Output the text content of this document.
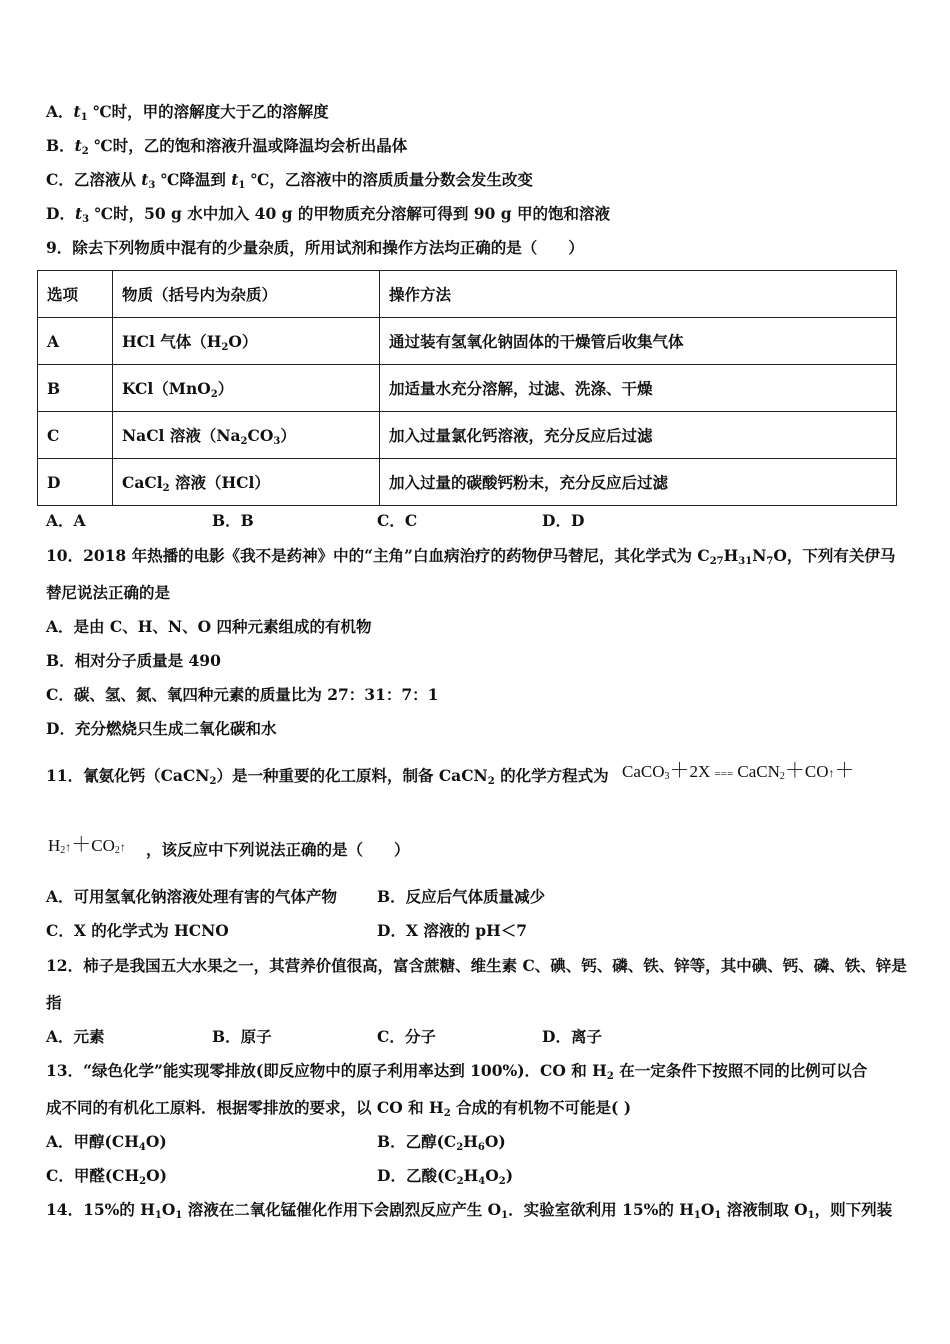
A．$t_1$ ℃时，甲的溶解度大于乙的溶解度
B．$t_2$ ℃时，乙的饱和溶液升温或降温均会析出晶体
C．乙溶液从 $t_3$ ℃降温到 $t_1$ ℃，乙溶液中的溶质质量分数会发生改变
D．$t_3$ ℃时，50 g 水中加入 40 g 的甲物质充分溶解可得到 90 g 甲的饱和溶液
9．除去下列物质中混有的少量杂质，所用试剂和操作方法均正确的是（　　）
选项	物质（括号内为杂质）	操作方法
A	HCl 气体$(H_2O)$	通过装有氢氧化钠固体的干燥管后收集气体
B	KCl（MnO$_2$）	加适量水充分溶解，过滤、洗涤、干燥
C	NaCl 溶液$(Na_2CO_3)$	加入过量氯化钙溶液，充分反应后过滤
D	CaCl$_2$ 溶液（HCl）	加入过量的碳酸钙粉末，充分反应后过滤
A．A	B．B	C．C	D．D
10．2018 年热播的电影《我不是药神》中的“主角”白血病治疗的药物伊马替尼，其化学式为 $C_{27}H_{31}N_7O$，下列有关伊马
替尼说法正确的是
A．是由 C、H、N、O 四种元素组成的有机物
B．相对分子质量是 490
C．碳、氢、氮、氧四种元素的质量比为 27：31：7：1
D．充分燃烧只生成二氧化碳和水
11．氰氨化钙（CaCN$_2$）是一种重要的化工原料，制备 CaCN$_2$ 的化学方程式为 CaCO$_3$＋2X === CaCN$_2$＋CO↑＋
$H_2↑+CO_2↑$ ，该反应中下列说法正确的是（　　）
A．可用氢氧化钠溶液处理有害的气体产物	B．反应后气体质量减少
C．X 的化学式为 HCNO	D．X 溶液的 pH＜7
12．柿子是我国五大水果之一，其营养价值很高，富含蔗糖、维生素 C、碘、钙、磷、铁、锌等，其中碘、钙、磷、铁、锌是
指
A．元素	B．原子	C．分子	D．离子
13．“绿色化学”能实现零排放(即反应物中的原子利用率达到 100%)．CO 和 $H_2$ 在一定条件下按照不同的比例可以合
成不同的有机化工原料．根据零排放的要求，以 CO 和 $H_2$ 合成的有机物不可能是( )
A．甲醇$(CH_4O)$	B．乙醇$(C_2H_6O)$
C．甲醛$(CH_2O)$	D．乙酸$(C_2H_4O_2)$
14．15%的 $H_1O_1$ 溶液在二氧化锰催化作用下会剧烈反应产生 $O_1$．实验室欲利用 15%的 $H_1O_1$ 溶液制取 $O_1$，则下列装
